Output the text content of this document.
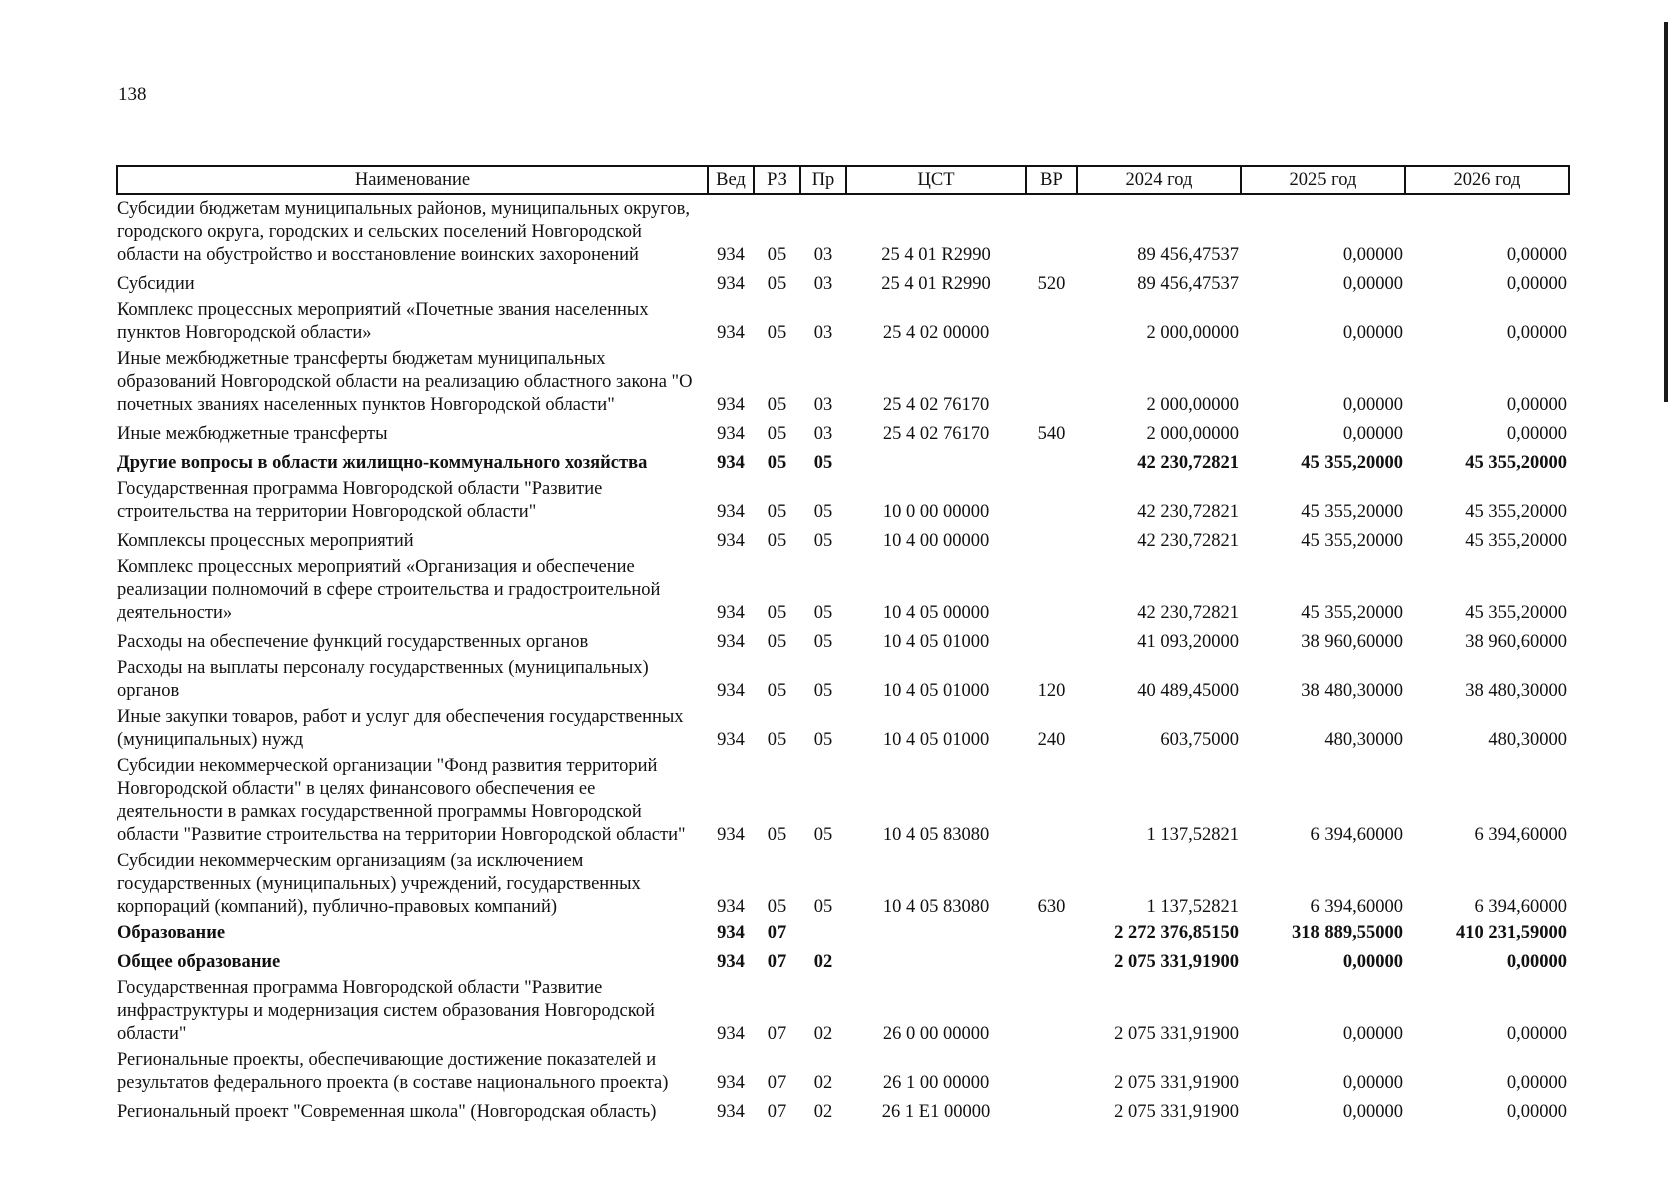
138
Наименование	Вед	РЗ	Пр	ЦСТ	ВР	2024 год	2025 год	2026 год
Субсидии бюджетам муниципальных районов, муниципальных округов, городского округа, городских и сельских поселений Новгородской области на обустройство и восстановление воинских захоронений	934	05	03	25 4 01 R2990		89 456,47537	0,00000	0,00000
Субсидии	934	05	03	25 4 01 R2990	520	89 456,47537	0,00000	0,00000
Комплекс процессных мероприятий «Почетные звания населенных пунктов Новгородской области»	934	05	03	25 4 02 00000		2 000,00000	0,00000	0,00000
Иные межбюджетные трансферты бюджетам муниципальных образований Новгородской области на реализацию областного закона "О почетных званиях населенных пунктов Новгородской области"	934	05	03	25 4 02 76170		2 000,00000	0,00000	0,00000
Иные межбюджетные трансферты	934	05	03	25 4 02 76170	540	2 000,00000	0,00000	0,00000
Другие вопросы в области жилищно-коммунального хозяйства	934	05	05			42 230,72821	45 355,20000	45 355,20000
Государственная программа Новгородской области "Развитие строительства на территории Новгородской области"	934	05	05	10 0 00 00000		42 230,72821	45 355,20000	45 355,20000
Комплексы процессных мероприятий	934	05	05	10 4 00 00000		42 230,72821	45 355,20000	45 355,20000
Комплекс процессных мероприятий «Организация и обеспечение реализации полномочий в сфере строительства и градостроительной деятельности»	934	05	05	10 4 05 00000		42 230,72821	45 355,20000	45 355,20000
Расходы на обеспечение функций государственных органов	934	05	05	10 4 05 01000		41 093,20000	38 960,60000	38 960,60000
Расходы на выплаты персоналу государственных (муниципальных) органов	934	05	05	10 4 05 01000	120	40 489,45000	38 480,30000	38 480,30000
Иные закупки товаров, работ и услуг для обеспечения государственных (муниципальных) нужд	934	05	05	10 4 05 01000	240	603,75000	480,30000	480,30000
Субсидии некоммерческой организации "Фонд развития территорий Новгородской области" в целях финансового обеспечения ее деятельности в рамках государственной программы Новгородской области "Развитие строительства на территории Новгородской области"	934	05	05	10 4 05 83080		1 137,52821	6 394,60000	6 394,60000
Субсидии некоммерческим организациям (за исключением государственных (муниципальных) учреждений, государственных корпораций (компаний), публично-правовых компаний)	934	05	05	10 4 05 83080	630	1 137,52821	6 394,60000	6 394,60000
Образование	934	07				2 272 376,85150	318 889,55000	410 231,59000
Общее образование	934	07	02			2 075 331,91900	0,00000	0,00000
Государственная программа Новгородской области "Развитие инфраструктуры и модернизация систем образования Новгородской области"	934	07	02	26 0 00 00000		2 075 331,91900	0,00000	0,00000
Региональные проекты, обеспечивающие достижение показателей и результатов федерального проекта (в составе национального проекта)	934	07	02	26 1 00 00000		2 075 331,91900	0,00000	0,00000
Региональный проект "Современная школа" (Новгородская область)	934	07	02	26 1 E1 00000		2 075 331,91900	0,00000	0,00000
